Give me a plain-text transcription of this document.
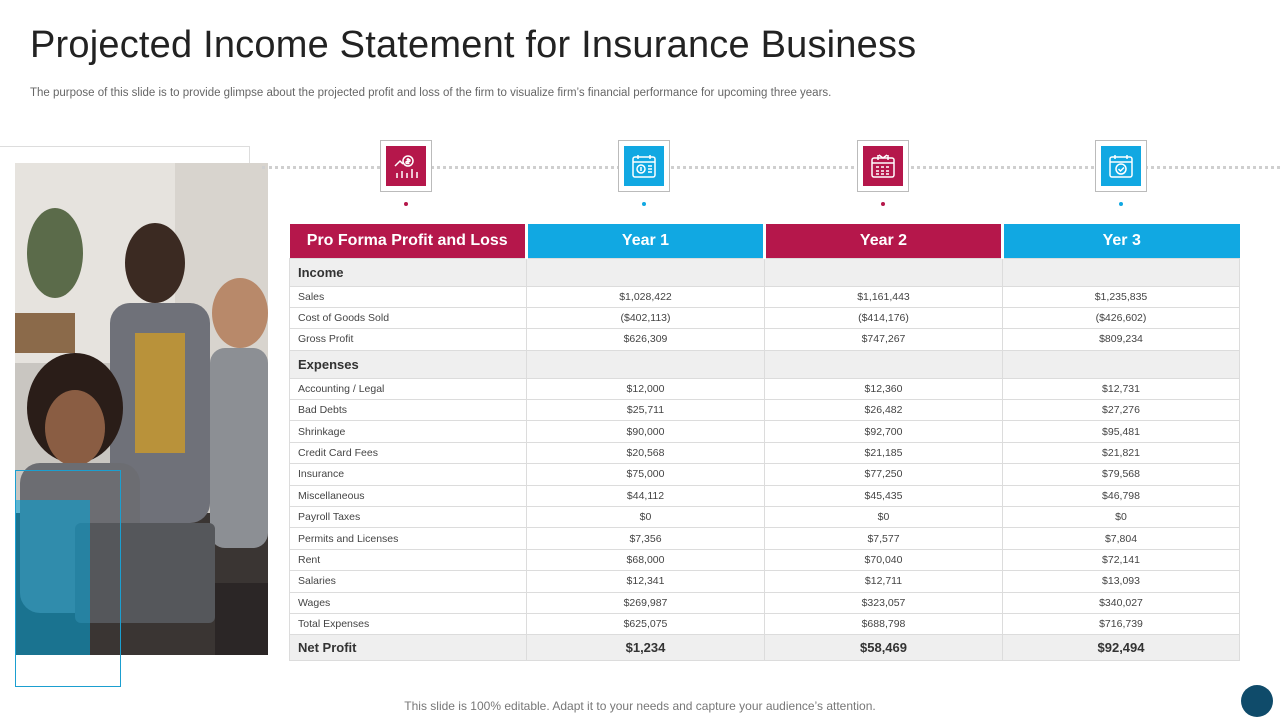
Projected Income Statement for Insurance Business

The purpose of this slide is to provide glimpse about the projected profit and loss of the firm to visualize firm’s financial performance for upcoming three years.

Pro Forma Profit and Loss	Year 1	Year 2	Yer 3
Income			
Sales	$1,028,422	$1,161,443	$1,235,835
Cost of Goods Sold	($402,113)	($414,176)	($426,602)
Gross Profit	$626,309	$747,267	$809,234
Expenses			
Accounting / Legal	$12,000	$12,360	$12,731
Bad Debts	$25,711	$26,482	$27,276
Shrinkage	$90,000	$92,700	$95,481
Credit Card Fees	$20,568	$21,185	$21,821
Insurance	$75,000	$77,250	$79,568
Miscellaneous	$44,112	$45,435	$46,798
Payroll Taxes	$0	$0	$0
Permits and Licenses	$7,356	$7,577	$7,804
Rent	$68,000	$70,040	$72,141
Salaries	$12,341	$12,711	$13,093
Wages	$269,987	$323,057	$340,027
Total Expenses	$625,075	$688,798	$716,739
Net Profit	$1,234	$58,469	$92,494
This slide is 100% editable. Adapt it to your needs and capture your audience’s attention.
